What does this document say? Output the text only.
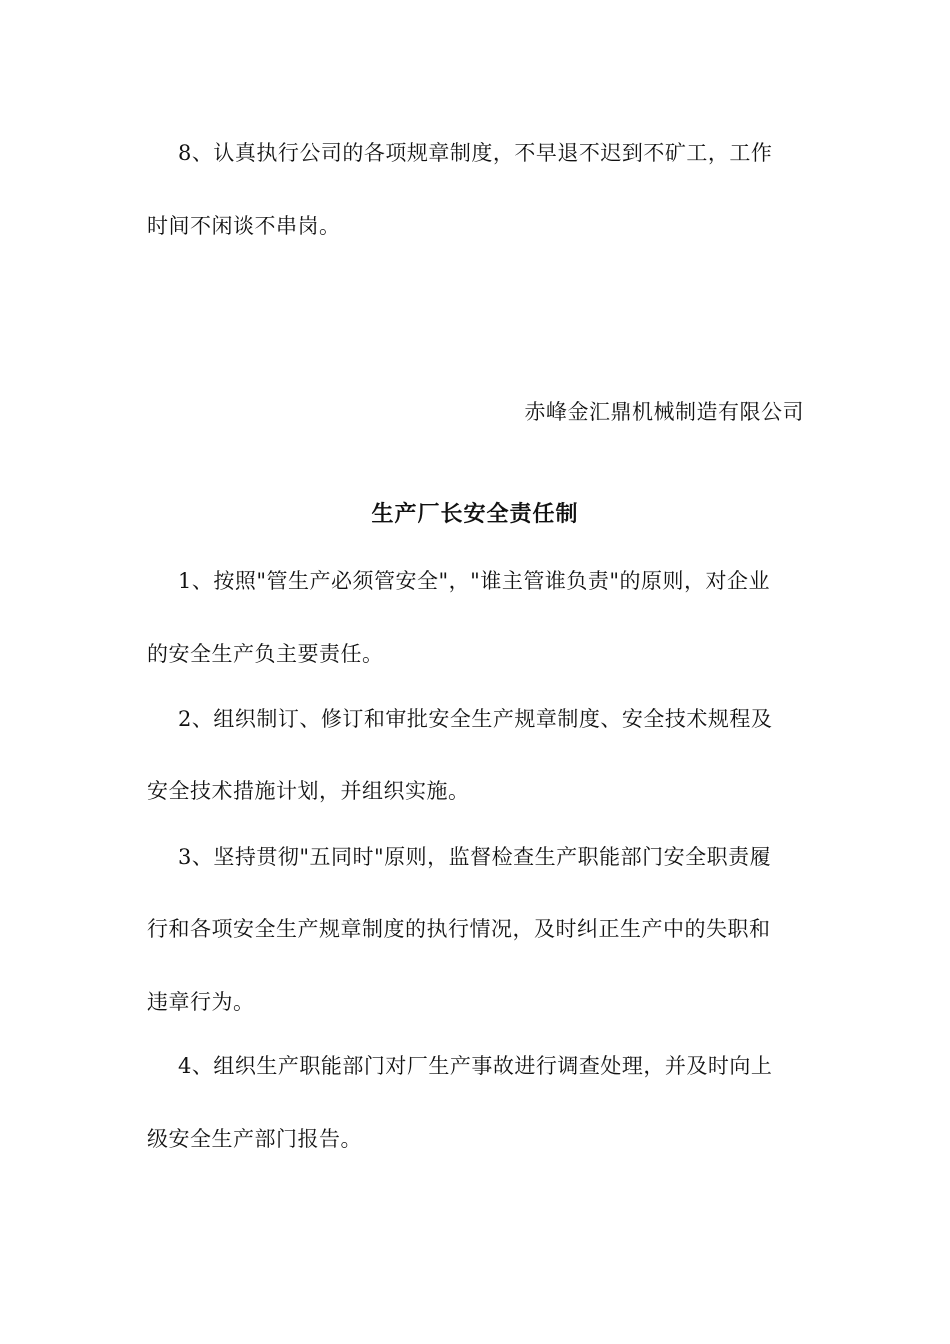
8、认真执行公司的各项规章制度，不早退不迟到不矿工，工作

时间不闲谈不串岗。

赤峰金汇鼎机械制造有限公司

生产厂长安全责任制

1、按照"管生产必须管安全"，"谁主管谁负责"的原则，对企业

的安全生产负主要责任。

2、组织制订、修订和审批安全生产规章制度、安全技术规程及

安全技术措施计划，并组织实施。

3、坚持贯彻"五同时"原则，监督检查生产职能部门安全职责履

行和各项安全生产规章制度的执行情况，及时纠正生产中的失职和

违章行为。

4、组织生产职能部门对厂生产事故进行调查处理，并及时向上

级安全生产部门报告。
